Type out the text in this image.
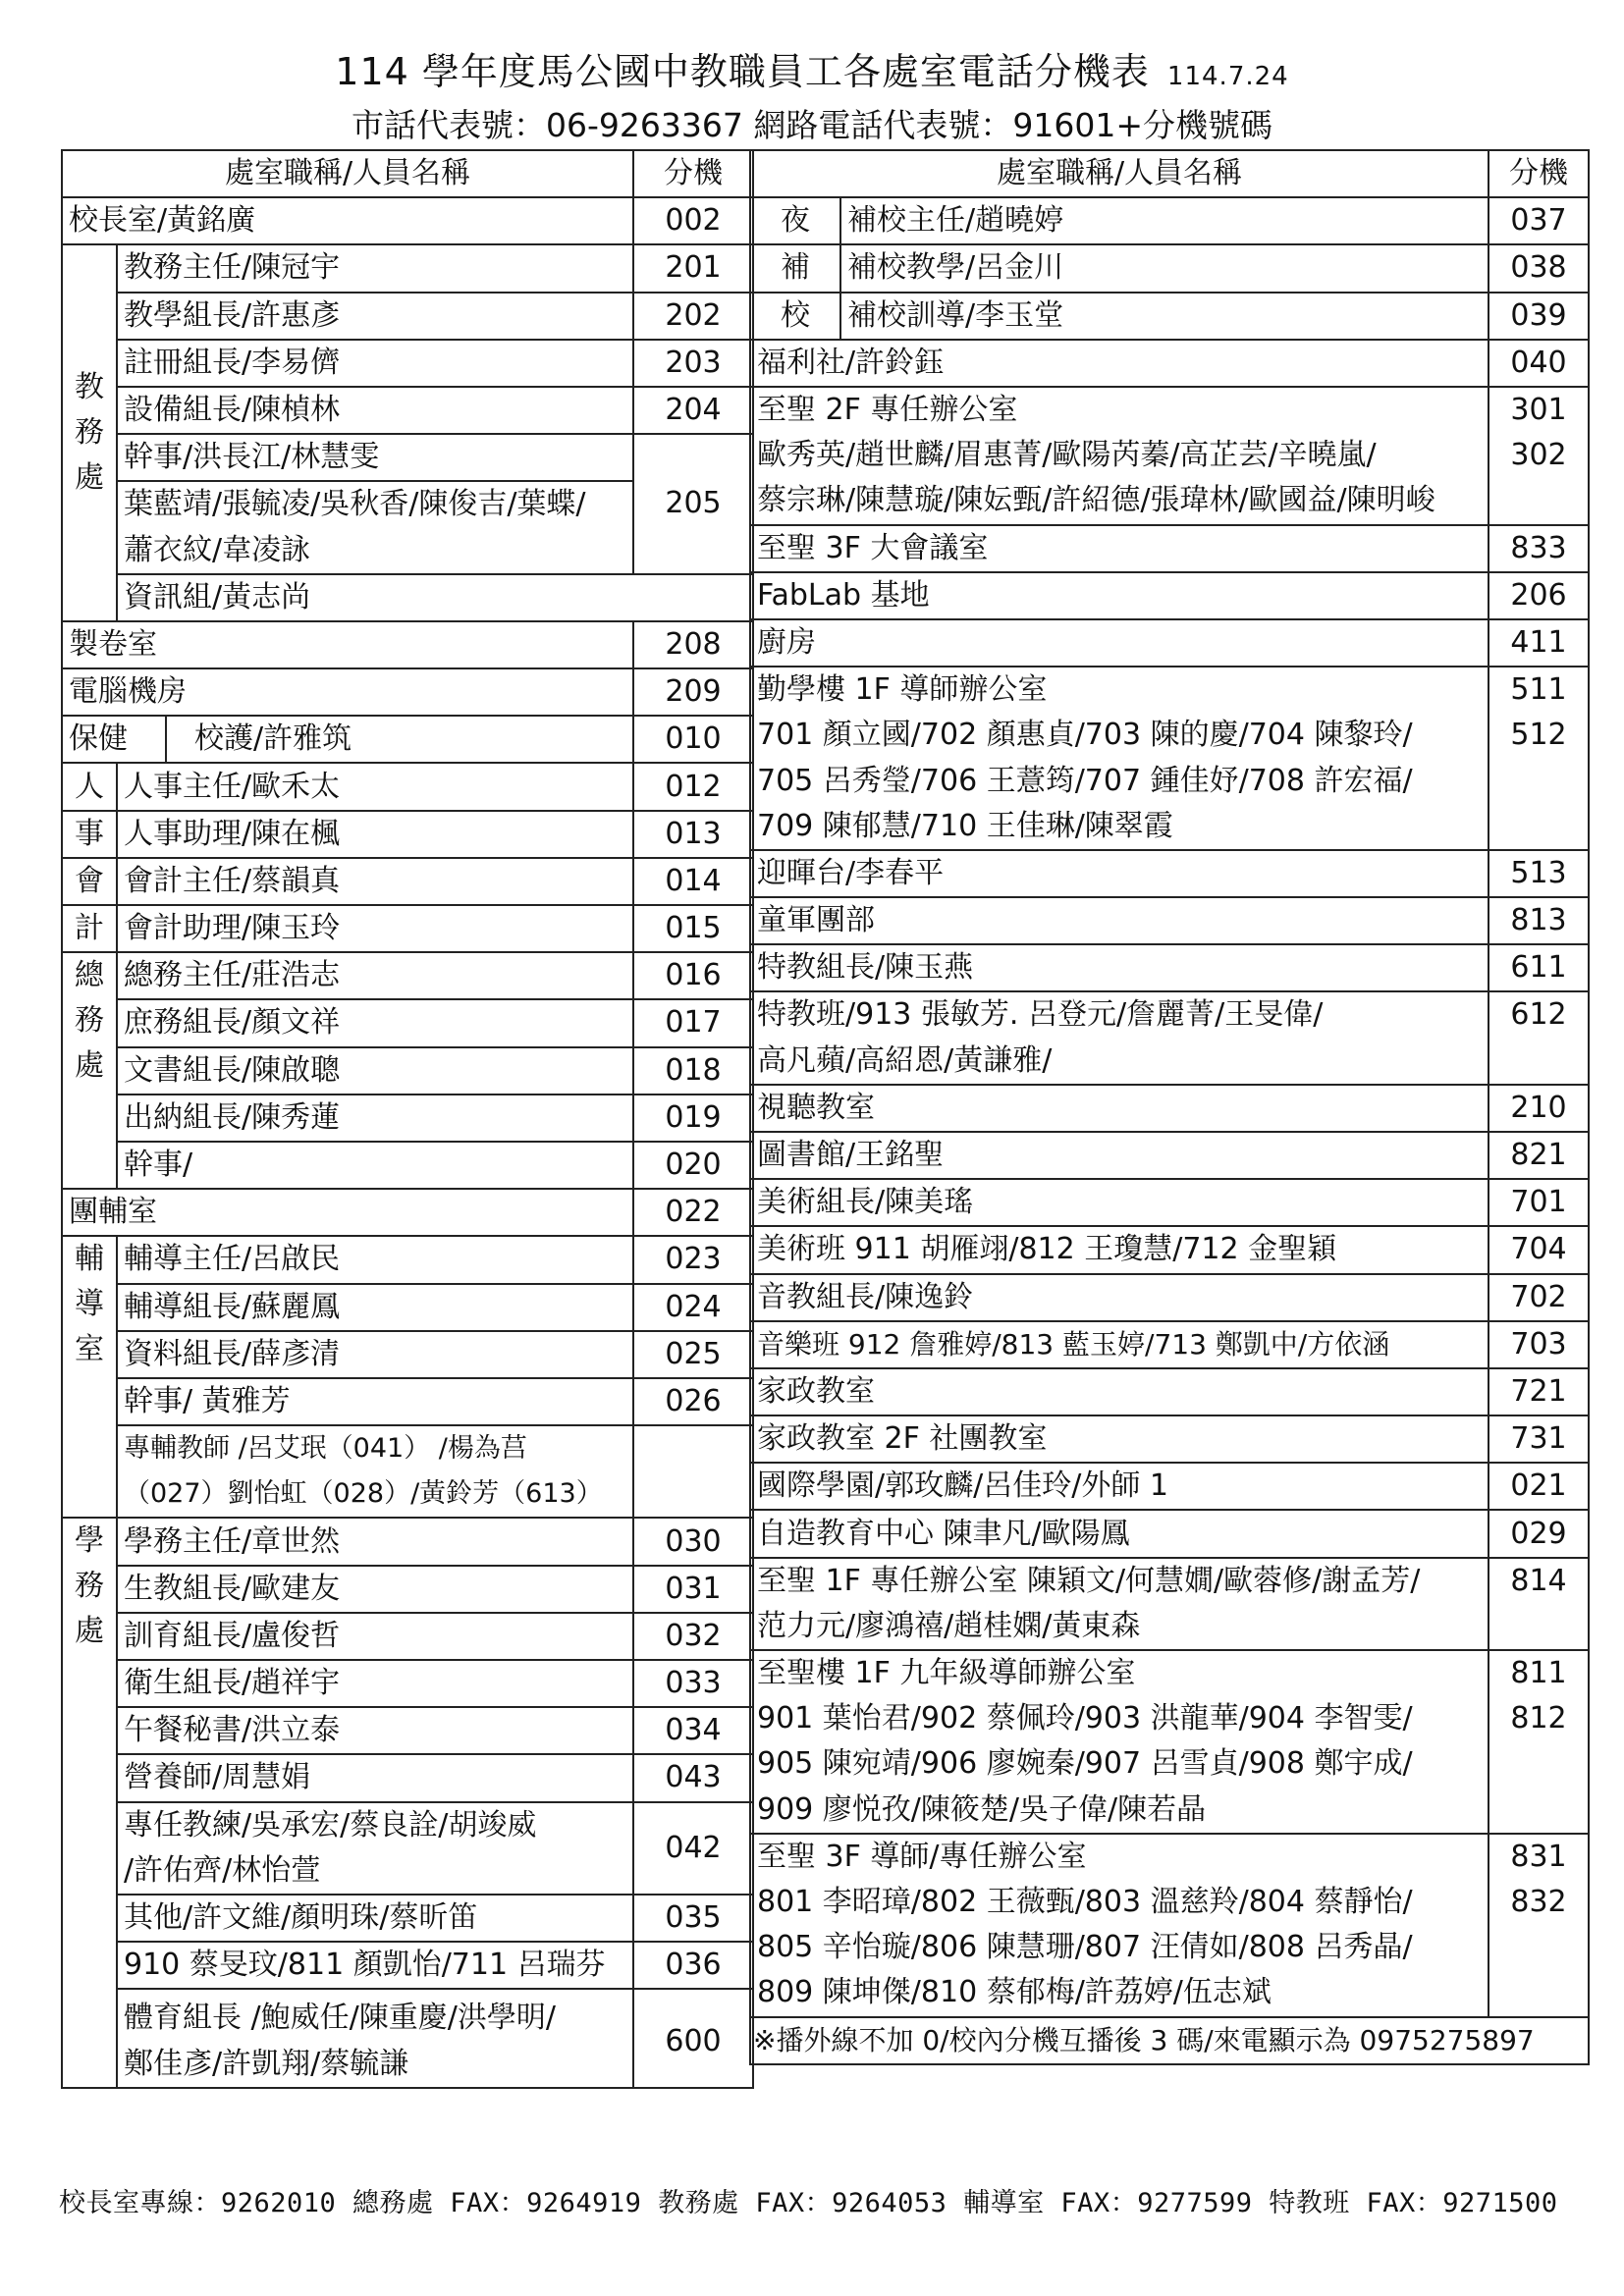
114 學年度馬公國中教職員工各處室電話分機表 114.7.24
市話代表號：06-9263367 網路電話代表號：91601+分機號碼
處室職稱/人員名稱		分機	
校長室/黃銘廣		002	

教
務
處	教務主任/陳冠宇	201	
	教學組長/許惠彥	202	
	註冊組長/李易儕	203	
	設備組長/陳楨林	204	
	幹事/洪長江/林慧雯	205	
	葉藍靖/張毓凌/吳秋香/陳俊吉/葉蝶/		
	蕭衣紋/韋凌詠		
	資訊組/黃志尚	
製卷室		208	
電腦機房		209	
保健 校護/許雅筑		010	
人	人事主任/歐禾太	012	
事	人事助理/陳在楓	013	
會	會計主任/蔡韻真	014	
計	會計助理/陳玉玲	015	

總
務
處	總務主任/莊浩志	016	
	庶務組長/顏文祥	017	
	文書組長/陳啟聰	018	
	出納組長/陳秀蓮	019	
	幹事/	020	
團輔室		022	

輔
導
室	輔導主任/呂啟民	023	
	輔導組長/蘇麗鳳	024	
	資料組長/薛彥清	025	
	幹事/ 黃雅芳	026	
	專輔教師 /呂艾珉（041） /楊為莒		
	（027）劉怡虹（028）/黃鈴芳（613）		

學
務
處	學務主任/章世然	030	
	生教組長/歐建友	031	
	訓育組長/盧俊哲	032	
	衛生組長/趙祥宇	033	
	午餐秘書/洪立泰	034	
	營養師/周慧娟	043	
	專任教練/吳承宏/蔡良詮/胡竣威	042	
	/許佑齊/林怡萱		
	其他/許文維/顏明珠/蔡昕笛	035	
	910 蔡旻玟/811 顏凱怡/711 呂瑞芬	036	
	體育組長 /鮑威任/陳重慶/洪學明/	600	
	鄭佳彥/許凱翔/蔡毓謙		
處室職稱/人員名稱		分機
夜	補校主任/趙曉婷	037
補	補校教學/呂金川	038
校	補校訓導/李玉堂	039
福利社/許鈴鈺		040
至聖 2F 專任辦公室		301
歐秀英/趙世麟/眉惠菁/歐陽芮蓁/高芷芸/辛曉嵐/		302
蔡宗琳/陳慧璇/陳妘甄/許紹德/張瑋林/歐國益/陳明峻		
至聖 3F 大會議室		833
FabLab 基地		206
廚房		411
勤學樓 1F 導師辦公室		511
701 顏立國/702 顏惠貞/703 陳的慶/704 陳黎玲/		512
705 呂秀瑩/706 王薏筠/707 鍾佳妤/708 許宏福/		
709 陳郁慧/710 王佳琳/陳翠霞		
迎暉台/李春平		513
童軍團部		813
特教組長/陳玉燕		611
特教班/913 張敏芳. 呂登元/詹麗菁/王旻偉/		612
高凡蘋/高紹恩/黃謙雅/		
視聽教室		210
圖書館/王銘聖		821
美術組長/陳美瑤		701
美術班 911 胡雁翊/812 王瓊慧/712 金聖穎		704
音教組長/陳逸鈴		702
音樂班 912 詹雅婷/813 藍玉婷/713 鄭凱中/方依涵		703
家政教室		721
家政教室 2F 社團教室		731
國際學園/郭玫麟/呂佳玲/外師 1		021
自造教育中心 陳聿凡/歐陽鳳		029
至聖 1F 專任辦公室 陳穎文/何慧嫺/歐蓉修/謝孟芳/		814
范力元/廖鴻禧/趙桂嫻/黃東森		
至聖樓 1F 九年級導師辦公室		811
901 葉怡君/902 蔡佩玲/903 洪龍華/904 李智雯/		812
905 陳宛靖/906 廖婉秦/907 呂雪貞/908 鄭宇成/		
909 廖悦孜/陳筱楚/吳子偉/陳若晶		
至聖 3F 導師/專任辦公室		831
801 李昭璋/802 王薇甄/803 溫慈羚/804 蔡靜怡/		832
805 辛怡璇/806 陳慧珊/807 汪倩如/808 呂秀晶/		
809 陳坤傑/810 蔡郁梅/許荔婷/伍志斌		
※播外線不加 0/校內分機互播後 3 碼/來電顯示為 0975275897		
校長室專線：9262010 總務處 FAX：9264919 教務處 FAX：9264053 輔導室 FAX：9277599 特教班 FAX：9271500
